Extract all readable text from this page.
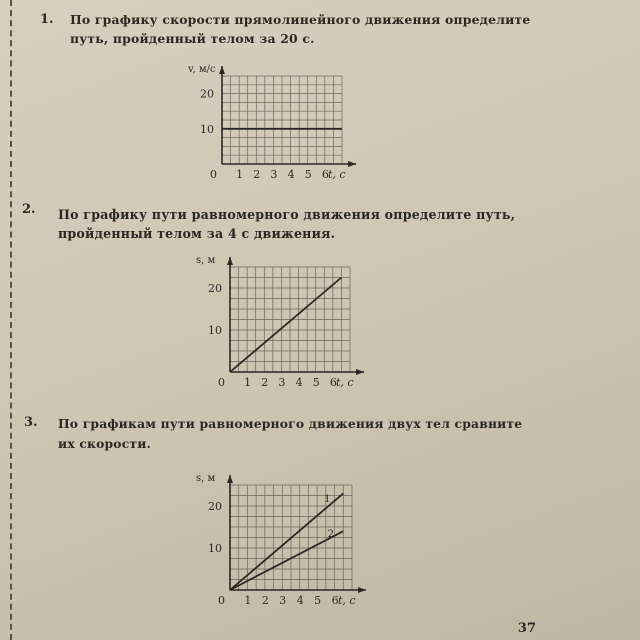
1. По графику скорости прямолинейного движения определите
путь, пройденный телом за 20 с.
2. По графику пути равномерного движения определите путь,
пройденный телом за 4 с движения.
3. По графикам пути равномерного движения двух тел сравните
их скорости.
0 1 2 3 4 5 6
10
20
t, с
v, м/с
0 1 2 3 4 5 6
10
20
t, с
s, м
0 1 2 3 4 5 6
10
20
t, с
s, м
1
2
37
